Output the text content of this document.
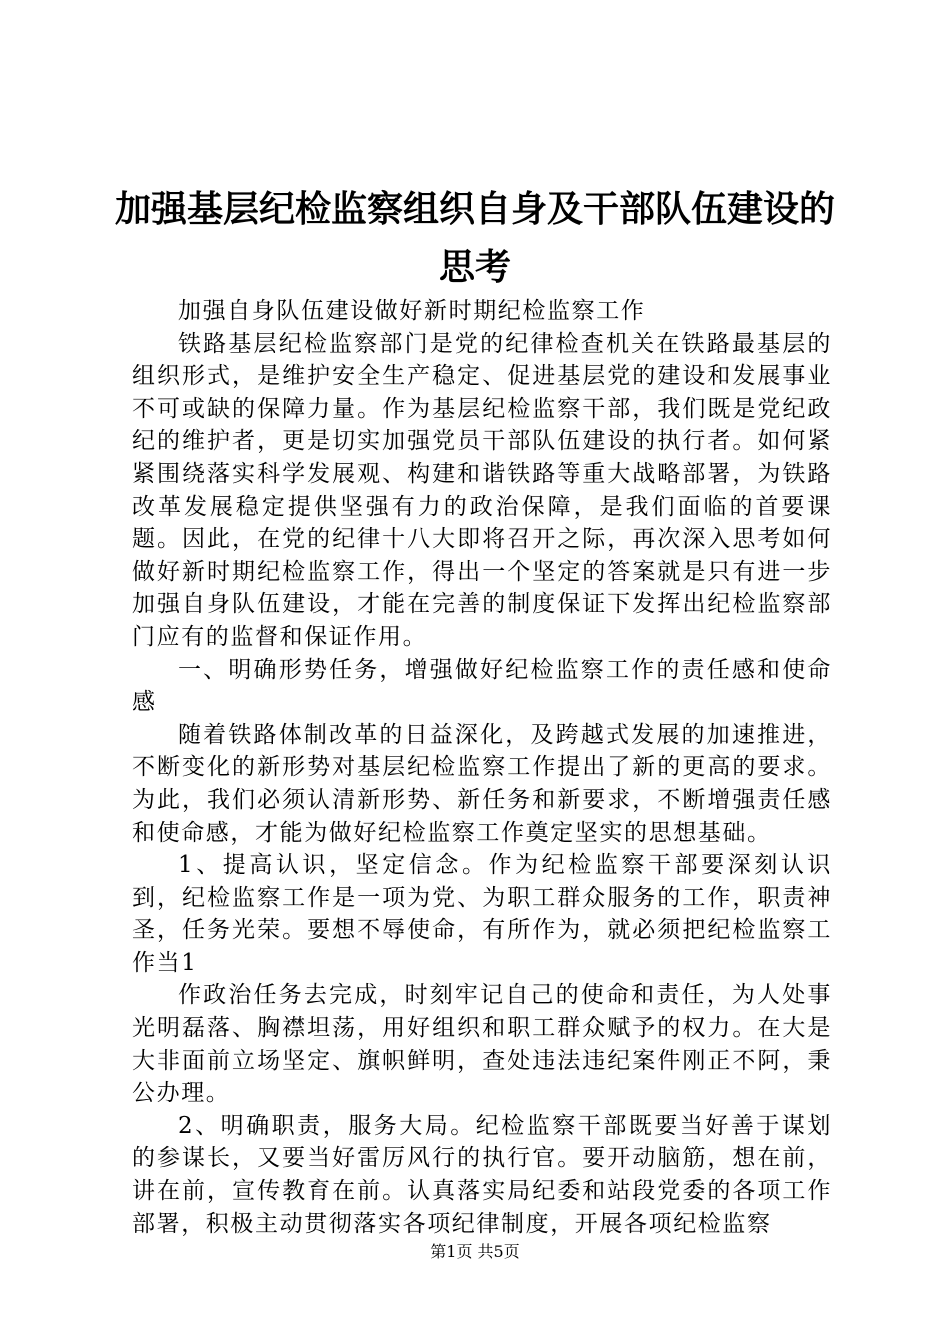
加强基层纪检监察组织自身及干部队伍建设的
思考

加强自身队伍建设做好新时期纪检监察工作

铁路基层纪检监察部门是党的纪律检查机关在铁路最基层的组织形式，是维护安全生产稳定、促进基层党的建设和发展事业不可或缺的保障力量。作为基层纪检监察干部，我们既是党纪政纪的维护者，更是切实加强党员干部队伍建设的执行者。如何紧紧围绕落实科学发展观、构建和谐铁路等重大战略部署，为铁路改革发展稳定提供坚强有力的政治保障，是我们面临的首要课题。因此，在党的纪律十八大即将召开之际，再次深入思考如何做好新时期纪检监察工作，得出一个坚定的答案就是只有进一步加强自身队伍建设，才能在完善的制度保证下发挥出纪检监察部门应有的监督和保证作用。

一、明确形势任务，增强做好纪检监察工作的责任感和使命感

随着铁路体制改革的日益深化，及跨越式发展的加速推进，不断变化的新形势对基层纪检监察工作提出了新的更高的要求。为此，我们必须认清新形势、新任务和新要求，不断增强责任感和使命感，才能为做好纪检监察工作奠定坚实的思想基础。

1、提高认识，坚定信念。作为纪检监察干部要深刻认识到，纪检监察工作是一项为党、为职工群众服务的工作，职责神圣，任务光荣。要想不辱使命，有所作为，就必须把纪检监察工作当1

作政治任务去完成，时刻牢记自己的使命和责任，为人处事光明磊落、胸襟坦荡，用好组织和职工群众赋予的权力。在大是大非面前立场坚定、旗帜鲜明，查处违法违纪案件刚正不阿，秉公办理。

2、明确职责，服务大局。纪检监察干部既要当好善于谋划的参谋长，又要当好雷厉风行的执行官。要开动脑筋，想在前，讲在前，宣传教育在前。认真落实局纪委和站段党委的各项工作部署，积极主动贯彻落实各项纪律制度，开展各项纪检监察

第1页 共5页
